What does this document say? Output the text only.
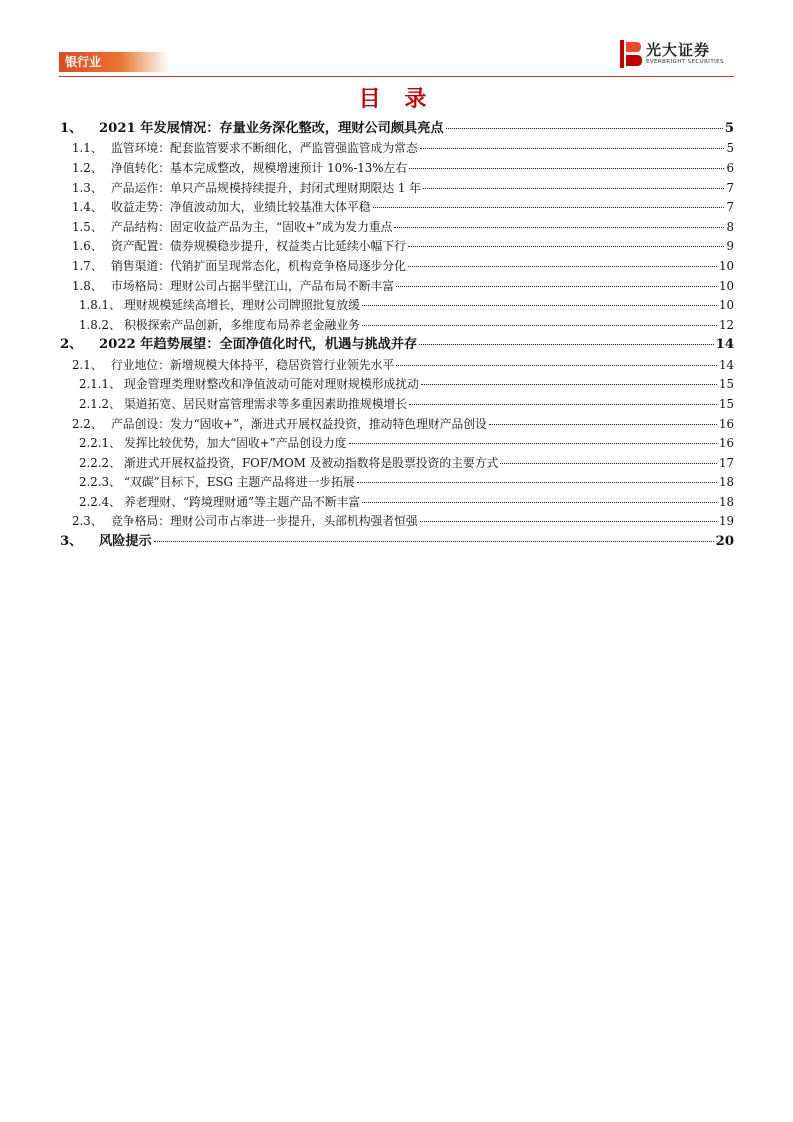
银行业
光大证券
EVERBRIGHT SECURITIES
目 录
1、	2021 年发展情况：存量业务深化整改，理财公司颇具亮点	5
1.1、 监管环境：配套监管要求不断细化，严监管强监管成为常态	5
1.2、 净值转化：基本完成整改，规模增速预计 10%-13%左右	6
1.3、 产品运作：单只产品规模持续提升，封闭式理财期限达 1 年	7
1.4、 收益走势：净值波动加大，业绩比较基准大体平稳	7
1.5、 产品结构：固定收益产品为主，“固收+”成为发力重点	8
1.6、 资产配置：债券规模稳步提升，权益类占比延续小幅下行	9
1.7、 销售渠道：代销扩面呈现常态化，机构竞争格局逐步分化	10
1.8、 市场格局：理财公司占据半壁江山，产品布局不断丰富	10
1.8.1、 理财规模延续高增长，理财公司牌照批复放缓	10
1.8.2、 积极探索产品创新，多维度布局养老金融业务	12
2、	2022 年趋势展望：全面净值化时代，机遇与挑战并存	14
2.1、 行业地位：新增规模大体持平，稳居资管行业领先水平	14
2.1.1、 现金管理类理财整改和净值波动可能对理财规模形成扰动	15
2.1.2、 渠道拓宽、居民财富管理需求等多重因素助推规模增长	15
2.2、 产品创设：发力“固收+”，渐进式开展权益投资，推动特色理财产品创设	16
2.2.1、 发挥比较优势，加大“固收+”产品创设力度	16
2.2.2、 渐进式开展权益投资，FOF/MOM 及被动指数将是股票投资的主要方式	17
2.2.3、 “双碳”目标下，ESG 主题产品将进一步拓展	18
2.2.4、 养老理财、“跨境理财通”等主题产品不断丰富	18
2.3、 竞争格局：理财公司市占率进一步提升，头部机构强者恒强	19
3、	风险提示	20
